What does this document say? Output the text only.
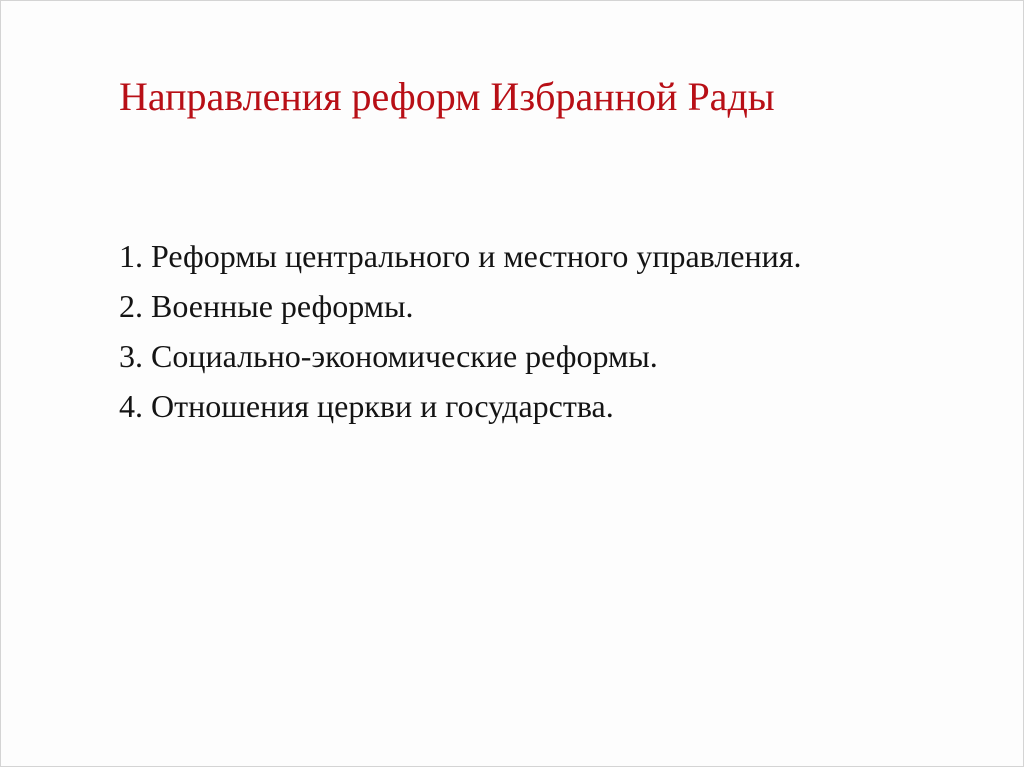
Направления реформ Избранной Рады
1. Реформы центрального и местного управления.
2. Военные реформы.
3. Социально-экономические реформы.
4. Отношения церкви и государства.
